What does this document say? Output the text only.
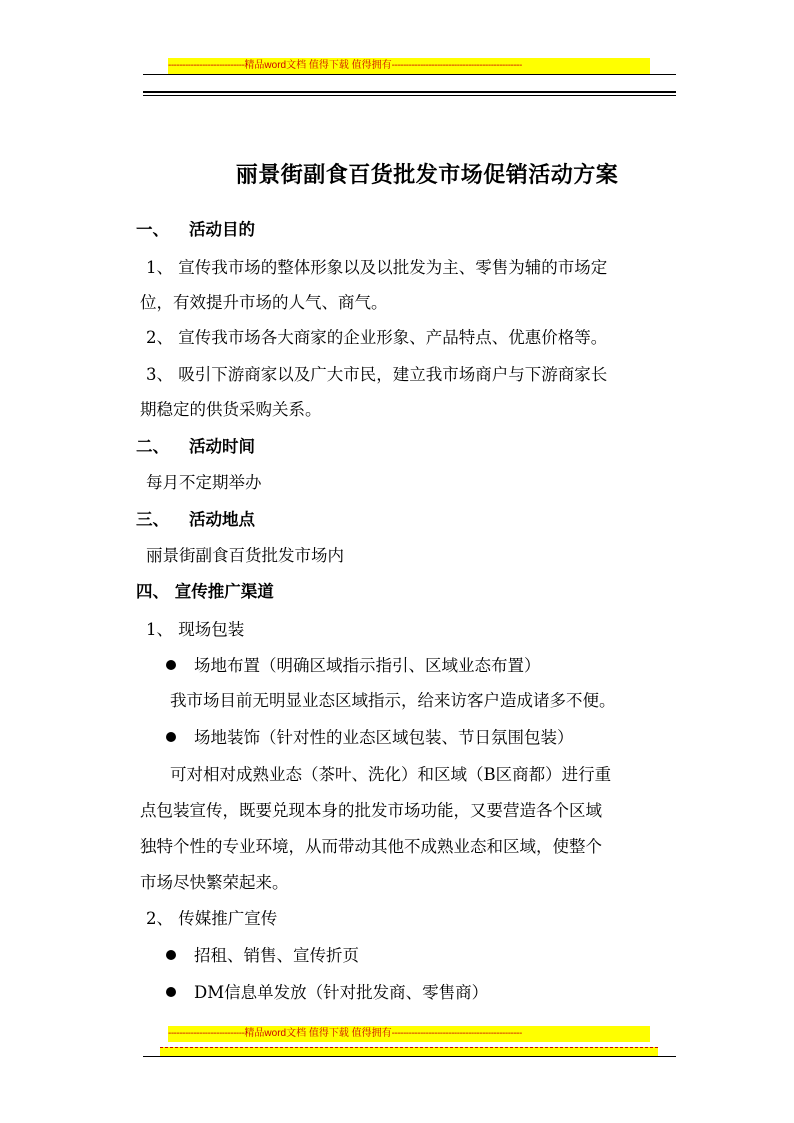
---------------------------精品word文档 值得下载 值得拥有----------------------------------------------
丽景街副食百货批发市场促销活动方案
一、 活动目的
1、 宣传我市场的整体形象以及以批发为主、零售为辅的市场定
位，有效提升市场的人气、商气。
2、 宣传我市场各大商家的企业形象、产品特点、优惠价格等。
3、 吸引下游商家以及广大市民，建立我市场商户与下游商家长
期稳定的供货采购关系。
二、 活动时间
每月不定期举办
三、 活动地点
丽景街副食百货批发市场内
四、 宣传推广渠道
1、 现场包装
场地布置（明确区域指示指引、区域业态布置）
我市场目前无明显业态区域指示，给来访客户造成诸多不便。
场地装饰（针对性的业态区域包装、节日氛围包装）
可对相对成熟业态（茶叶、洗化）和区域（B区商都）进行重
点包装宣传，既要兑现本身的批发市场功能，又要营造各个区域
独特个性的专业环境，从而带动其他不成熟业态和区域，使整个
市场尽快繁荣起来。
2、 传媒推广宣传
招租、销售、宣传折页
DM信息单发放（针对批发商、零售商）
---------------------------精品word文档 值得下载 值得拥有----------------------------------------------
